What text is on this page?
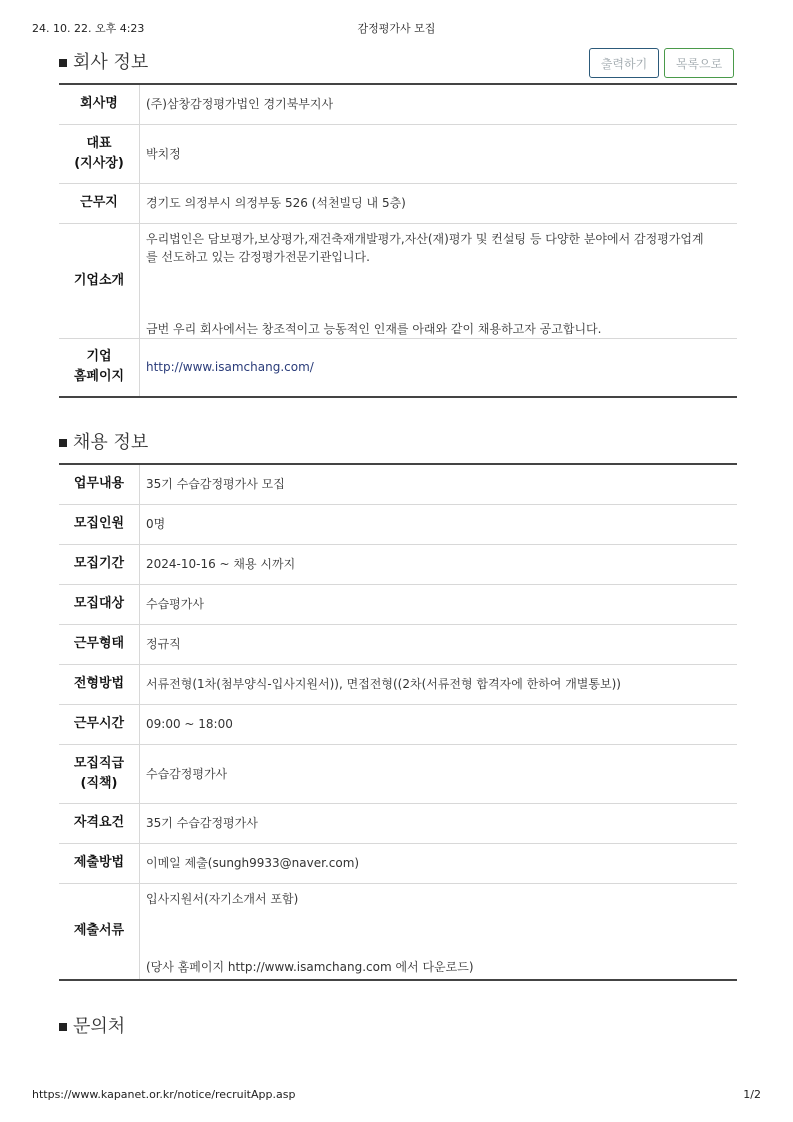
24. 10. 22. 오후 4:23	감정평가사 모집
회사 정보	출력하기	목록으로
회사명	(주)삼창감정평가법인 경기북부지사
대표
(지사장)	박치정
근무지	경기도 의정부시 의정부동 526 (석천빌딩 내 5층)
기업소개	우리법인은 담보평가,보상평가,재건축재개발평가,자산(재)평가 및 컨설팅 등 다양한 분야에서 감정평가업계
를 선도하고 있는 감정평가전문기관입니다.
금번 우리 회사에서는 창조적이고 능동적인 인재를 아래와 같이 채용하고자 공고합니다.

기업
홈페이지	http://www.isamchang.com/
채용 정보
업무내용	35기 수습감정평가사 모집
모집인원	0명
모집기간	2024-10-16 ~ 채용 시까지
모집대상	수습평가사
근무형태	정규직
전형방법	서류전형(1차(첨부양식-입사지원서)), 면접전형((2차(서류전형 합격자에 한하여 개별통보))
근무시간	09:00 ~ 18:00
모집직급
(직책)	수습감정평가사
자격요건	35기 수습감정평가사
제출방법	이메일 제출(sungh9933@naver.com)
제출서류	입사지원서(자기소개서 포함)
(당사 홈페이지 http://www.isamchang.com 에서 다운로드)
문의처
https://www.kapanet.or.kr/notice/recruitApp.asp	1/2
